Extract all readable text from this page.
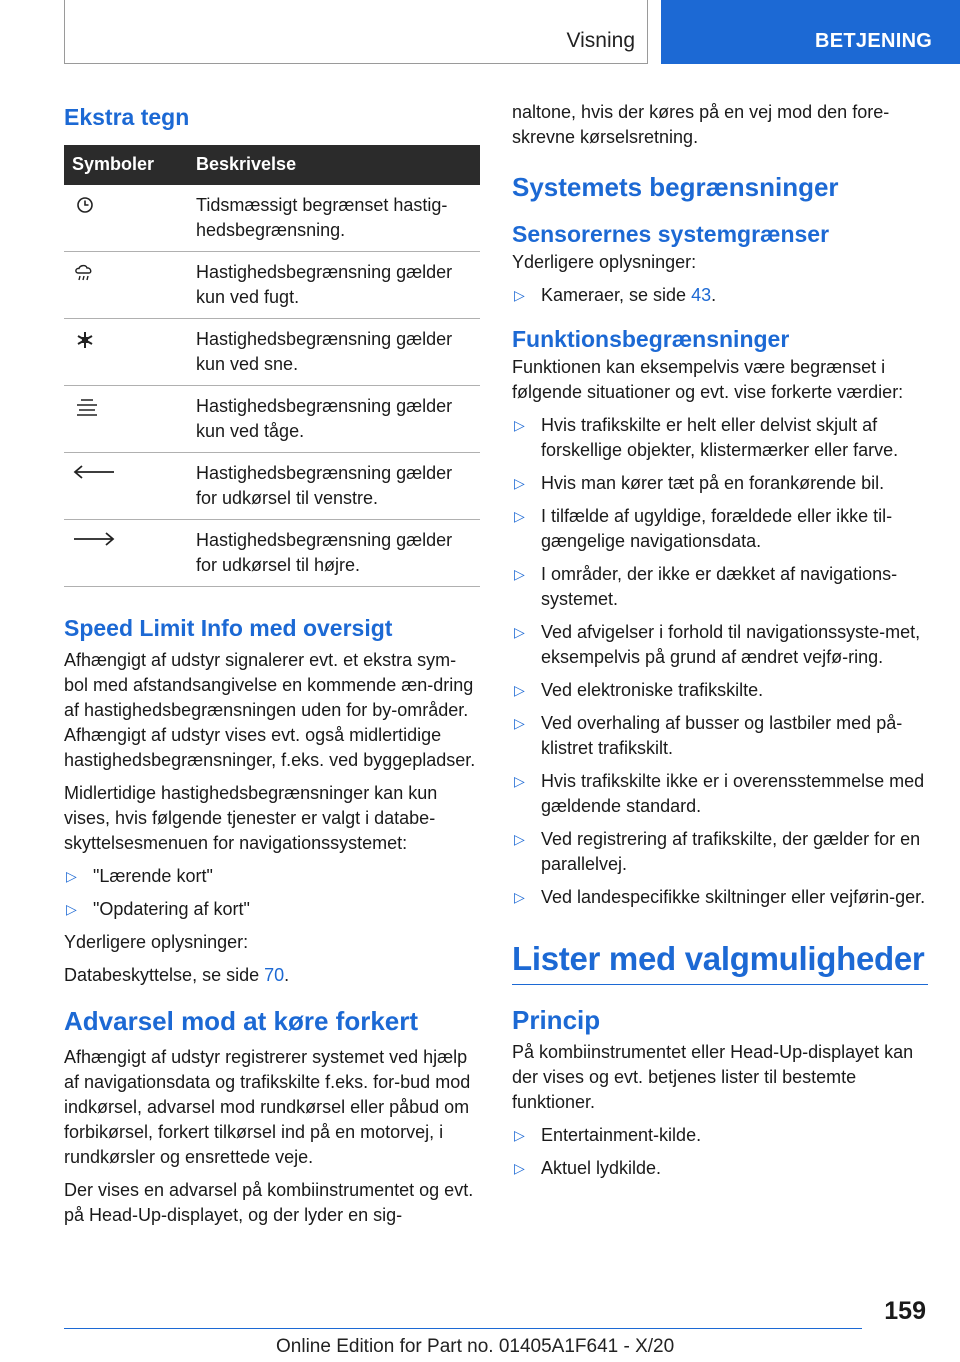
Visning	BETJENING
Ekstra tegn
Symboler	Beskrivelse

	Tidsmæssigt begrænset hastig-hedsbegrænsning.

	Hastighedsbegrænsning gælder kun ved fugt.

	Hastighedsbegrænsning gælder kun ved sne.

	Hastighedsbegrænsning gælder kun ved tåge.

	Hastighedsbegrænsning gælder for udkørsel til venstre.

	Hastighedsbegrænsning gælder for udkørsel til højre.
Speed Limit Info med oversigt

Afhængigt af udstyr signalerer evt. et ekstra sym-bol med afstandsangivelse en kommende æn-dring af hastighedsbegrænsningen uden for by-områder. Afhængigt af udstyr vises evt. også midlertidige hastighedsbegrænsninger, f.eks. ved byggepladser.

Midlertidige hastighedsbegrænsninger kan kun vises, hvis følgende tjenester er valgt i databe-skyttelsesmenuen for navigationssystemet:

▷ "Lærende kort"
▷ "Opdatering af kort"

Yderligere oplysninger:

Databeskyttelse, se side 70.

Advarsel mod at køre forkert

Afhængigt af udstyr registrerer systemet ved hjælp af navigationsdata og trafikskilte f.eks. for-bud mod indkørsel, advarsel mod rundkørsel eller påbud om forbikørsel, forkert tilkørsel ind på en motorvej, i rundkørsler og ensrettede veje.

Der vises en advarsel på kombiinstrumentet og evt. på Head-Up-displayet, og der lyder en sig-

naltone, hvis der køres på en vej mod den fore-skrevne kørselsretning.

Systemets begrænsninger
Sensorernes systemgrænser

Yderligere oplysninger:

▷ Kameraer, se side 43.
Funktionsbegrænsninger

Funktionen kan eksempelvis være begrænset i følgende situationer og evt. vise forkerte værdier:

▷ Hvis trafikskilte er helt eller delvist skjult af forskellige objekter, klistermærker eller farve.
▷ Hvis man kører tæt på en forankørende bil.
▷ I tilfælde af ugyldige, forældede eller ikke til-gængelige navigationsdata.
▷ I områder, der ikke er dækket af navigations-systemet.
▷ Ved afvigelser i forhold til navigationssyste-met, eksempelvis på grund af ændret vejfø-ring.
▷ Ved elektroniske trafikskilte.
▷ Ved overhaling af busser og lastbiler med på-klistret trafikskilt.
▷ Hvis trafikskilte ikke er i overensstemmelse med gældende standard.
▷ Ved registrering af trafikskilte, der gælder for en parallelvej.
▷ Ved landespecifikke skiltninger eller vejførin-ger.
Lister med valgmuligheder
Princip

På kombiinstrumentet eller Head-Up-displayet kan der vises og evt. betjenes lister til bestemte funktioner.

▷ Entertainment-kilde.
▷ Aktuel lydkilde.
159
Online Edition for Part no. 01405A1F641 - X/20
